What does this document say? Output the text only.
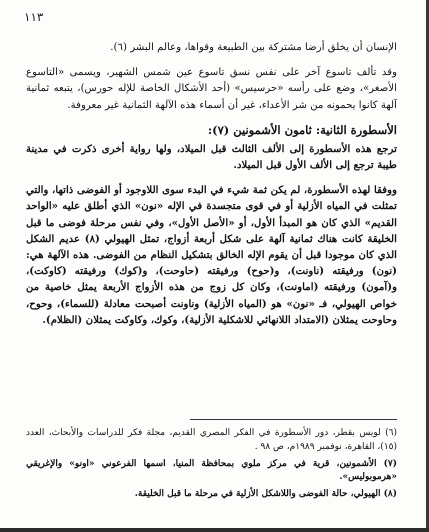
١١٣

الإنسان أن يخلق أرضا مشتركة بين الطبيعة وقواها، وعالم البشر (٦).

وقد تألف تاسوع آخر على نفس نسق تاسوع عين شمس الشهير، ويسمى «التاسوع الأصغر»، وضع على رأسه «حرسيس» (أحد الأشكال الخاصة للإله حورس)، يتبعه ثمانية آلهة كانوا يحمونه من شر الأعداء، غير أن أسماء هذه الآلهة الثمانية غير معروفة.

الأسطورة الثانية: ثامون الأشمونين (٧):

ترجع هذه الأسطورة إلى الألف الثالث قبل الميلاد، ولها رواية أخرى ذكرت في مدينة طيبة ترجع إلى الألف الأول قبل الميلاد.

ووفقا لهذه الأسطورة، لم يكن ثمة شيء في البدء سوى اللاوجود أو الفوضى ذاتها، والتي تمثلت في المياه الأزلية أو في قوى متجسدة في الإله «نون» الذي أطلق عليه «الواحد القديم» الذي كان هو المبدأ الأول، أو «الأصل الأول»، وفي نفس مرحلة فوضى ما قبل الخليقة كانت هناك ثمانية آلهة على شكل أربعة أزواج، تمثل الهيولي (٨) عديم الشكل الذي كان موجودا قبل أن يقوم الإله الخالق بتشكيل النظام من الفوضى. هذه الآلهة هي: (نون) ورفيقته (ناونت)، و(حوح) ورفيقته (حاوحت)، و(كوك) ورفيقته (كاوكت)، و(آمون) ورفيقته (اماونت)، وكان كل زوج من هذه الأزواج الأربعة يمثل خاصية من خواص الهيولي، فـ «نون» هو (المياه الأزلية) وناونت أصبحت معادلة (للسماء)، وحوح، وحاوحت يمثلان (الامتداد اللانهائي للاشكلية الأزلية)، وكوك، وكاوكت يمثلان (الظلام).

(٦) لويس بقطر، دور الأسطورة في الفكر المصري القديم، مجلة فكر للدراسات والأبحاث، العدد (١٥)، القاهرة، نوفمبر ١٩٨٩م، ص ٩٨ .

(٧) الأشمونين، قرية في مركز ملوي بمحافظة المنيا، اسمها الفرعوني «اونو» والإغريقي «هرموبوليس».

(٨) الهيولي، حالة الفوضى واللاشكل الأزلية في مرحلة ما قبل الخليقة.
